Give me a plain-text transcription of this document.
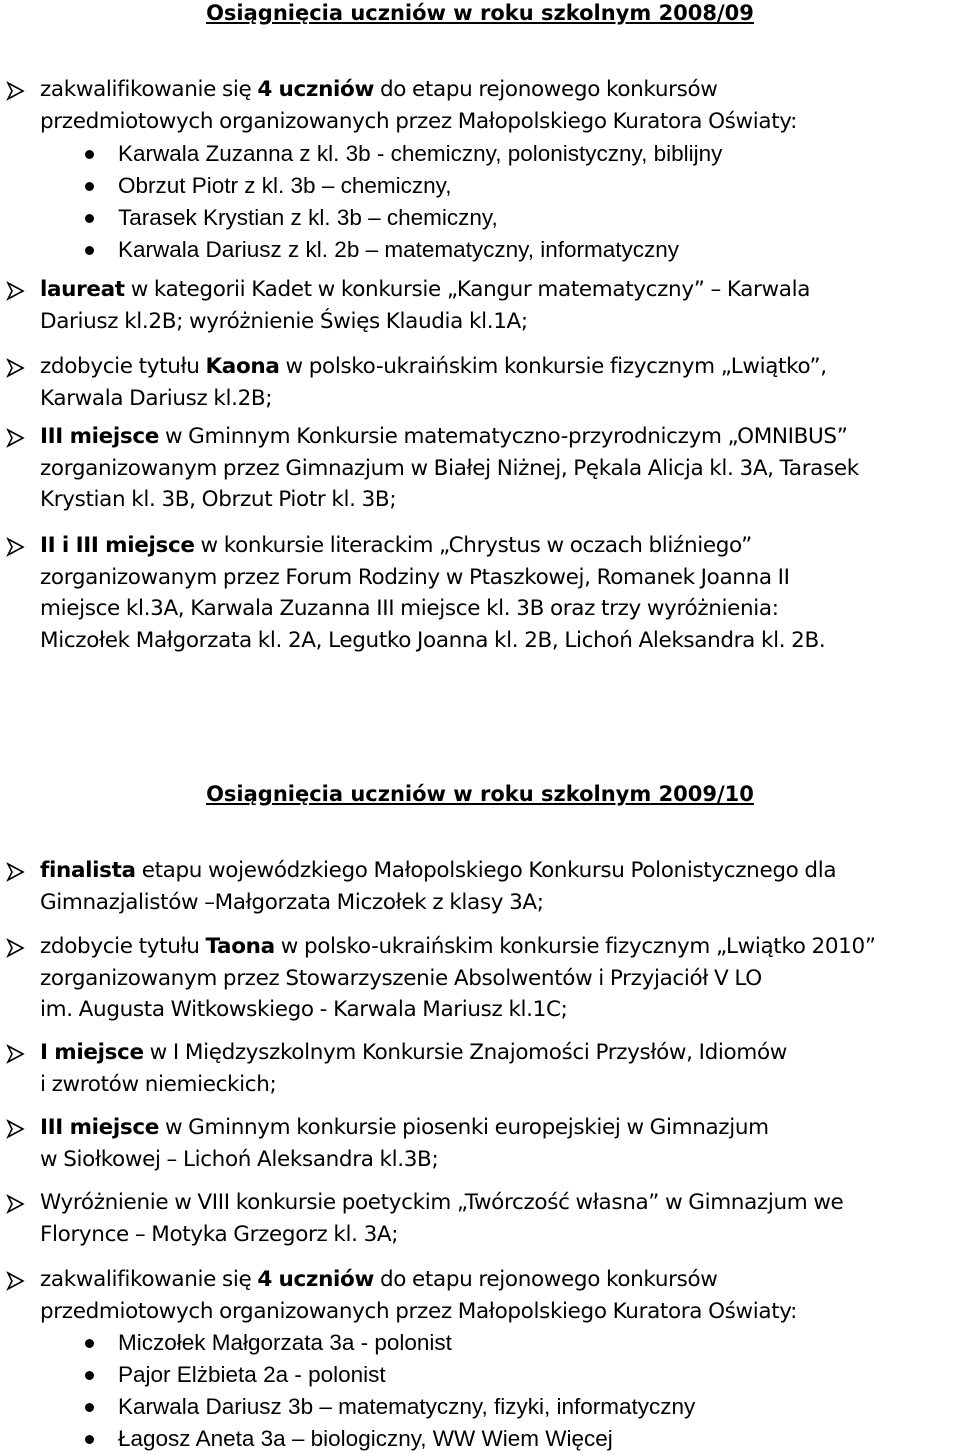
Osiągnięcia uczniów w roku szkolnym 2008/09
zakwalifikowanie się 4 uczniów do etapu rejonowego konkursów
przedmiotowych organizowanych przez Małopolskiego Kuratora Oświaty:
Karwala Zuzanna z kl. 3b - chemiczny, polonistyczny, biblijny
Obrzut Piotr z kl. 3b – chemiczny,
Tarasek Krystian z kl. 3b – chemiczny,
Karwala Dariusz z kl. 2b – matematyczny, informatyczny
laureat w kategorii Kadet w konkursie „Kangur matematyczny” – Karwala
Dariusz kl.2B; wyróżnienie Święs Klaudia kl.1A;
zdobycie tytułu Kaona w polsko-ukraińskim konkursie fizycznym „Lwiątko”,
Karwala Dariusz kl.2B;
III miejsce w Gminnym Konkursie matematyczno-przyrodniczym „OMNIBUS”
zorganizowanym przez Gimnazjum w Białej Niżnej, Pękala Alicja kl. 3A, Tarasek
Krystian kl. 3B, Obrzut Piotr kl. 3B;
II i III miejsce w konkursie literackim „Chrystus w oczach bliźniego”
zorganizowanym przez Forum Rodziny w Ptaszkowej, Romanek Joanna II
miejsce kl.3A, Karwala Zuzanna III miejsce kl. 3B oraz trzy wyróżnienia:
Miczołek Małgorzata kl. 2A, Legutko Joanna kl. 2B, Lichoń Aleksandra kl. 2B.
Osiągnięcia uczniów w roku szkolnym 2009/10
finalista etapu wojewódzkiego Małopolskiego Konkursu Polonistycznego dla
Gimnazjalistów –Małgorzata Miczołek z klasy 3A;
zdobycie tytułu Taona w polsko-ukraińskim konkursie fizycznym „Lwiątko 2010”
zorganizowanym przez Stowarzyszenie Absolwentów i Przyjaciół V LO
im. Augusta Witkowskiego - Karwala Mariusz kl.1C;
I miejsce w I Międzyszkolnym Konkursie Znajomości Przysłów, Idiomów
i zwrotów niemieckich;
III miejsce w Gminnym konkursie piosenki europejskiej w Gimnazjum
w Siołkowej – Lichoń Aleksandra kl.3B;
Wyróżnienie w VIII konkursie poetyckim „Twórczość własna” w Gimnazjum we
Florynce – Motyka Grzegorz kl. 3A;
zakwalifikowanie się 4 uczniów do etapu rejonowego konkursów
przedmiotowych organizowanych przez Małopolskiego Kuratora Oświaty:
Miczołek Małgorzata 3a - polonist
Pajor Elżbieta 2a - polonist
Karwala Dariusz 3b – matematyczny, fizyki, informatyczny
Łagosz Aneta 3a – biologiczny, WW Wiem Więcej
